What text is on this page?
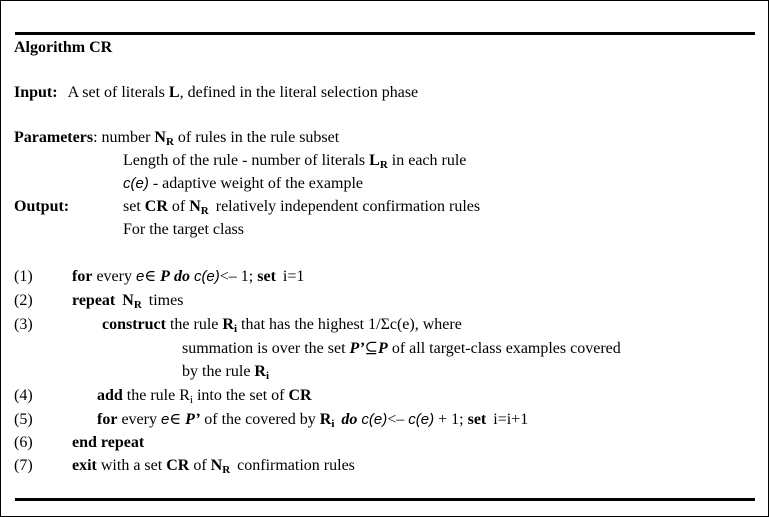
Algorithm CR
Input: A set of literals L, defined in the literal selection phase
Parameters: number $N_R$ of rules in the rule subset
Length of the rule - number of literals $L_R$ in each rule
c(e) - adaptive weight of the example
Output:	set CR of $N_R$ relatively independent confirmation rules
For the target class
(1) for every e∈ P do c(e)<– 1; set i=1
(2) repeat $N_R$ times
(3)	construct the rule $R_i$ that has the highest 1/Σc(e), where
summation is over the set P’⊆P of all target-class examples covered
by the rule $R_i$
(4)	add the rule $R_i$ into the set of CR
(5)	for every e∈ P’ of the covered by $R_i$ do c(e)<– c(e) + 1; set i=i+1
(6) end repeat
(7) exit with a set CR of $N_R$ confirmation rules
